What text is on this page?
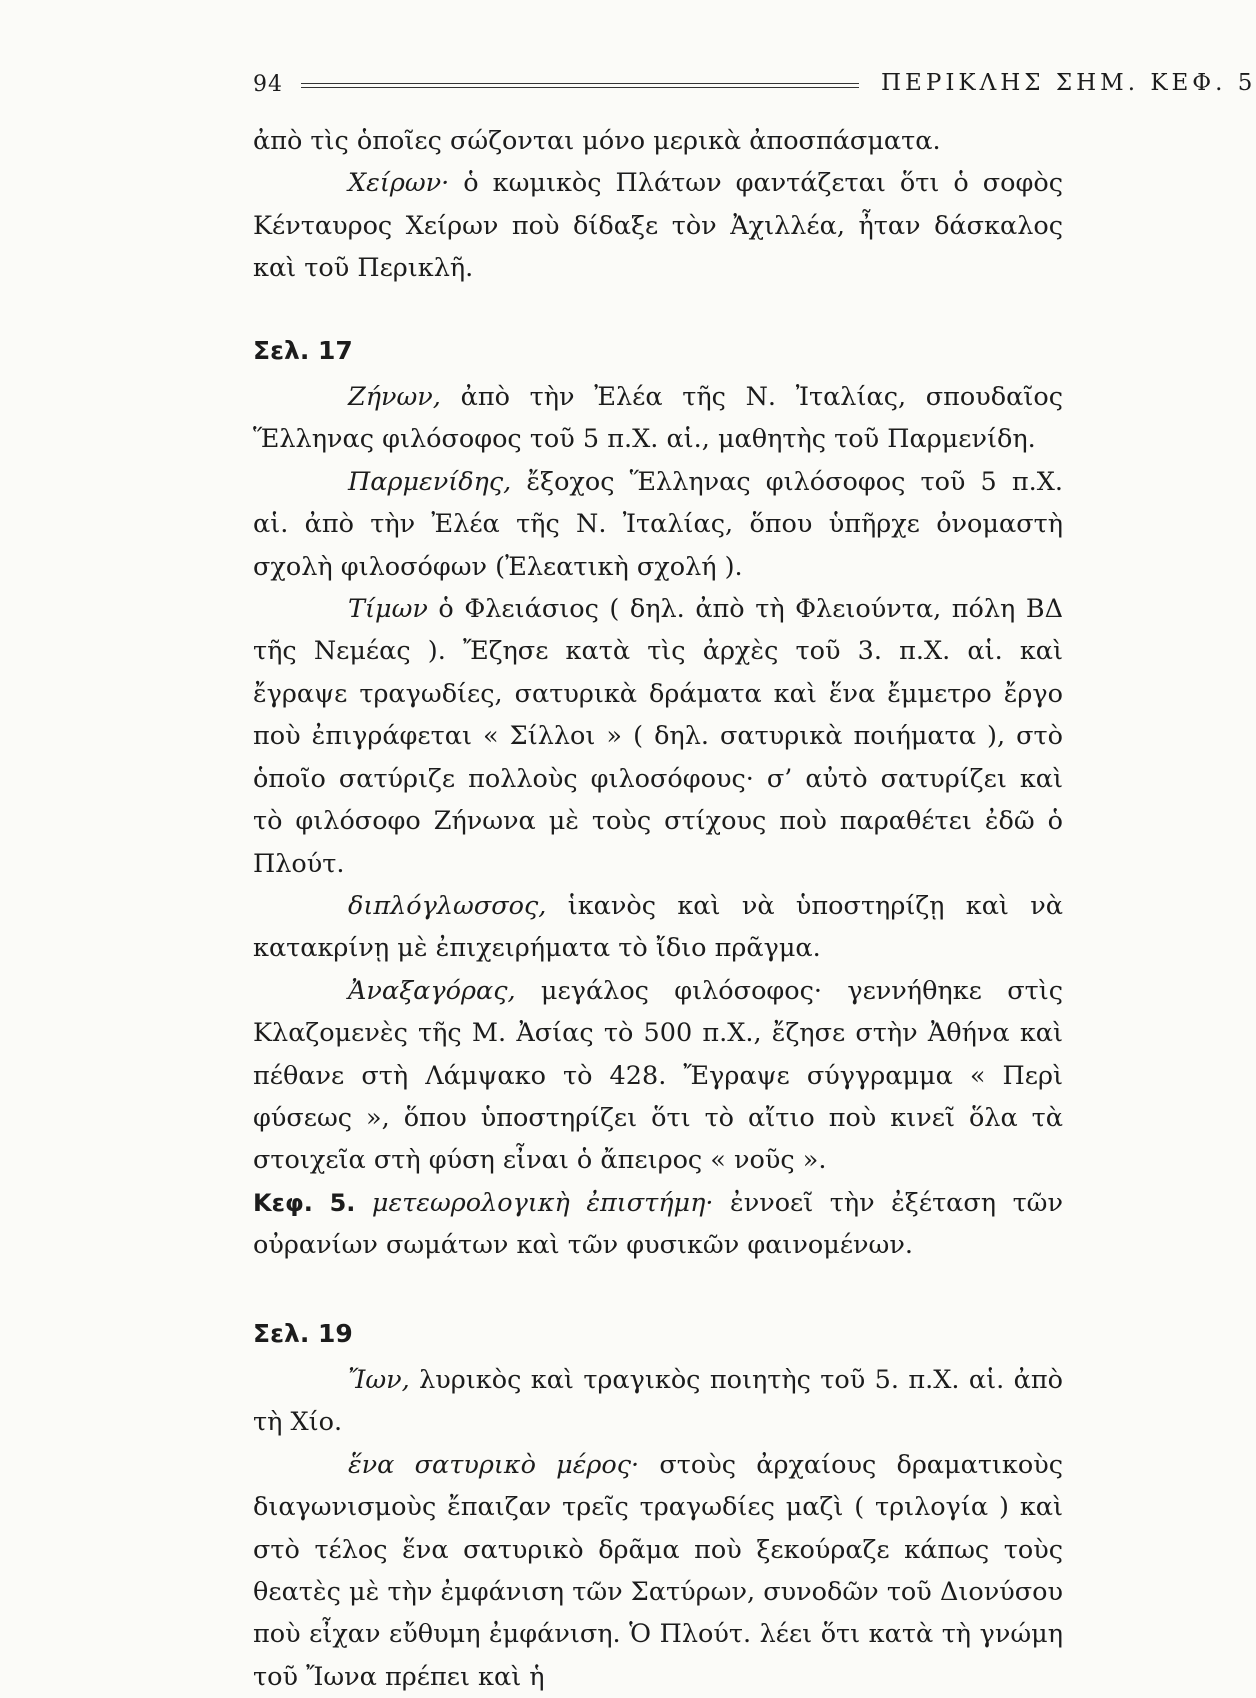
94	ΠΕΡΙΚΛΗΣ ΣΗΜ. ΚΕΦ. 5

ἀπὸ τὶς ὁποῖες σώζονται μόνο μερικὰ ἀποσπάσματα.

Χείρων· ὁ κωμικὸς Πλάτων φαντάζεται ὅτι ὁ σοφὸς Κένταυρος Χείρων ποὺ δίδαξε τὸν Ἀχιλλέα, ἦταν δάσκαλος καὶ τοῦ Περικλῆ.

Σελ. 17

Ζήνων, ἀπὸ τὴν Ἐλέα τῆς Ν. Ἰταλίας, σπουδαῖος Ἕλληνας φιλόσοφος τοῦ 5 π.Χ. αἱ., μαθητὴς τοῦ Παρμενίδη.

Παρμενίδης, ἔξοχος Ἕλληνας φιλόσοφος τοῦ 5 π.Χ. αἱ. ἀπὸ τὴν Ἐλέα τῆς Ν. Ἰταλίας, ὅπου ὑπῆρχε ὀνομαστὴ σχολὴ φιλοσόφων (Ἐλεατικὴ σχολή ).

Τίμων ὁ Φλειάσιος ( δηλ. ἀπὸ τὴ Φλειούντα, πόλη ΒΔ τῆς Νεμέας ). Ἔζησε κατὰ τὶς ἀρχὲς τοῦ 3. π.Χ. αἱ. καὶ ἔγραψε τραγωδίες, σατυρικὰ δράματα καὶ ἕνα ἔμμετρο ἔργο ποὺ ἐπιγράφεται « Σίλλοι » ( δηλ. σατυρικὰ ποιήματα ), στὸ ὁποῖο σατύριζε πολλοὺς φιλοσόφους· σ’ αὐτὸ σατυρίζει καὶ τὸ φιλόσοφο Ζήνωνα μὲ τοὺς στίχους ποὺ παραθέτει ἐδῶ ὁ Πλούτ.

διπλόγλωσσος, ἱκανὸς καὶ νὰ ὑποστηρίζῃ καὶ νὰ κατακρίνῃ μὲ ἐπιχειρήματα τὸ ἴδιο πρᾶγμα.

Ἀναξαγόρας, μεγάλος φιλόσοφος· γεννήθηκε στὶς Κλαζομενὲς τῆς Μ. Ἀσίας τὸ 500 π.Χ., ἔζησε στὴν Ἀθήνα καὶ πέθανε στὴ Λάμψακο τὸ 428. Ἔγραψε σύγγραμμα « Περὶ φύσεως », ὅπου ὑποστηρίζει ὅτι τὸ αἴτιο ποὺ κινεῖ ὅλα τὰ στοιχεῖα στὴ φύση εἶναι ὁ ἄπειρος « νοῦς ».

Κεφ. 5. μετεωρολογικὴ ἐπιστήμη· ἐννοεῖ τὴν ἐξέταση τῶν οὐρανίων σωμάτων καὶ τῶν φυσικῶν φαινομένων.

Σελ. 19

Ἴων, λυρικὸς καὶ τραγικὸς ποιητὴς τοῦ 5. π.Χ. αἱ. ἀπὸ τὴ Χίο.

ἕνα σατυρικὸ μέρος· στοὺς ἀρχαίους δραματικοὺς διαγωνισμοὺς ἔπαιζαν τρεῖς τραγωδίες μαζὶ ( τριλογία ) καὶ στὸ τέλος ἕνα σατυρικὸ δρᾶμα ποὺ ξεκούραζε κάπως τοὺς θεατὲς μὲ τὴν ἐμφάνιση τῶν Σατύρων, συνοδῶν τοῦ Διονύσου ποὺ εἶχαν εὔθυμη ἐμφάνιση. Ὁ Πλούτ. λέει ὅτι κατὰ τὴ γνώμη τοῦ Ἴωνα πρέπει καὶ ἡ
